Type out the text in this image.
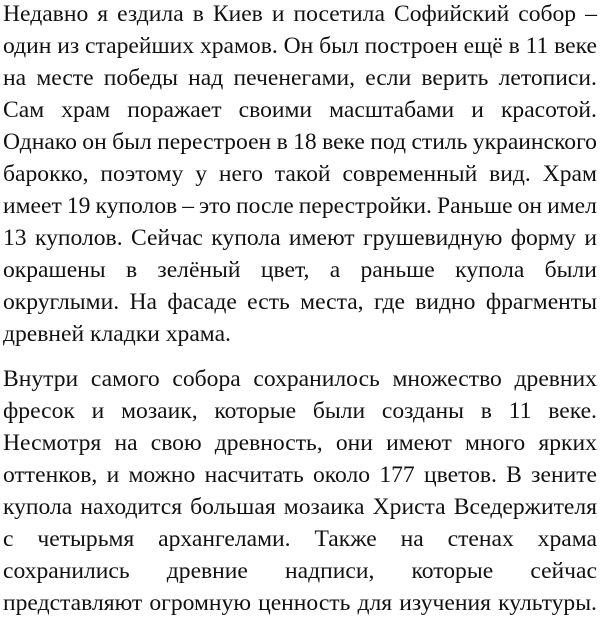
Недавно я ездила в Киев и посетила Софийский собор –
один из старейших храмов. Он был построен ещё в 11 веке
на месте победы над печенегами, если верить летописи.
Сам храм поражает своими масштабами и красотой.
Однако он был перестроен в 18 веке под стиль украинского
барокко, поэтому у него такой современный вид. Храм
имеет 19 куполов – это после перестройки. Раньше он имел
13 куполов. Сейчас купола имеют грушевидную форму и
окрашены в зелёный цвет, а раньше купола были
округлыми. На фасаде есть места, где видно фрагменты
древней кладки храма.
Внутри самого собора сохранилось множество древних
фресок и мозаик, которые были созданы в 11 веке.
Несмотря на свою древность, они имеют много ярких
оттенков, и можно насчитать около 177 цветов. В зените
купола находится большая мозаика Христа Вседержителя
с четырьмя архангелами. Также на стенах храма
сохранились древние надписи, которые сейчас
представляют огромную ценность для изучения культуры.
